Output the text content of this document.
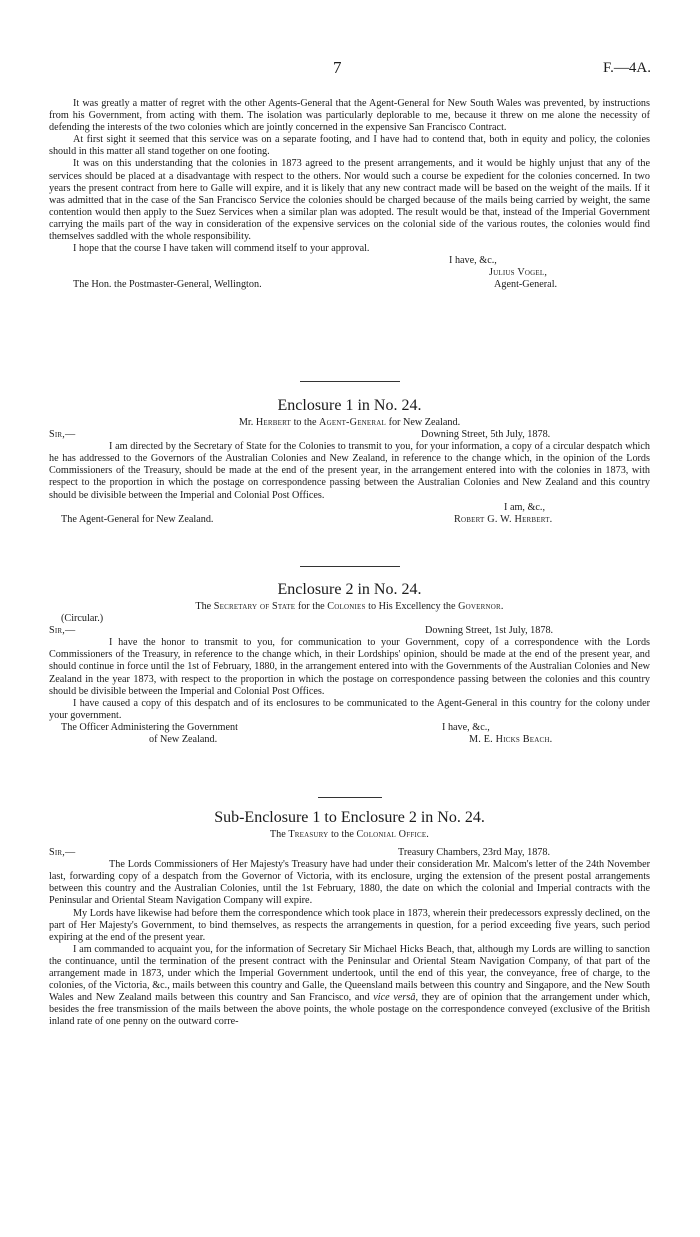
7	F.—4A.

It was greatly a matter of regret with the other Agents-General that the Agent-General for New South Wales was prevented, by instructions from his Government, from acting with them. The isolation was particularly deplorable to me, because it threw on me alone the necessity of defending the interests of the two colonies which are jointly concerned in the expensive San Francisco Contract.

At first sight it seemed that this service was on a separate footing, and I have had to contend that, both in equity and policy, the colonies should in this matter all stand together on one footing.

It was on this understanding that the colonies in 1873 agreed to the present arrangements, and it would be highly unjust that any of the services should be placed at a disadvantage with respect to the others. Nor would such a course be expedient for the colonies concerned. In two years the present contract from here to Galle will expire, and it is likely that any new contract made will be based on the weight of the mails. If it was admitted that in the case of the San Francisco Service the colonies should be charged because of the mails being carried by weight, the same contention would then apply to the Suez Services when a similar plan was adopted. The result would be that, instead of the Imperial Government carrying the mails part of the way in consideration of the expensive services on the colonial side of the various routes, the colonies would find themselves saddled with the whole responsibility.

I hope that the course I have taken will commend itself to your approval.

I have, &c.,
Julius Vogel,
The Hon. the Postmaster-General, Wellington.	Agent-General.
Enclosure 1 in No. 24.
Mr. Herbert to the Agent-General for New Zealand.
Sir,—	Downing Street, 5th July, 1878.

I am directed by the Secretary of State for the Colonies to transmit to you, for your information, a copy of a circular despatch which he has addressed to the Governors of the Australian Colonies and New Zealand, in reference to the change which, in the opinion of the Lords Commissioners of the Treasury, should be made at the end of the present year, in the arrangement entered into with the colonies in 1873, with respect to the proportion in which the postage on correspondence passing between the Australian Colonies and New Zealand and this country should be divisible between the Imperial and Colonial Post Offices.

I am, &c.,
The Agent-General for New Zealand.	Robert G. W. Herbert.
Enclosure 2 in No. 24.
The Secretary of State for the Colonies to His Excellency the Governor.
(Circular.)
Sir,—	Downing Street, 1st July, 1878.

I have the honor to transmit to you, for communication to your Government, copy of a correspondence with the Lords Commissioners of the Treasury, in reference to the change which, in their Lordships' opinion, should be made at the end of the present year, and should continue in force until the 1st of February, 1880, in the arrangement entered into with the Governments of the Australian Colonies and New Zealand in the year 1873, with respect to the proportion in which the postage on correspondence passing between the colonies and this country should be divisible between the Imperial and Colonial Post Offices.

I have caused a copy of this despatch and of its enclosures to be communicated to the Agent-General in this country for the colony under your government.

The Officer Administering the Government	I have, &c.,
of New Zealand.	M. E. Hicks Beach.
Sub-Enclosure 1 to Enclosure 2 in No. 24.
The Treasury to the Colonial Office.
Sir,—	Treasury Chambers, 23rd May, 1878.

The Lords Commissioners of Her Majesty's Treasury have had under their consideration Mr. Malcom's letter of the 24th November last, forwarding copy of a despatch from the Governor of Victoria, with its enclosure, urging the extension of the present postal arrangements between this country and the Australian Colonies, until the 1st February, 1880, the date on which the colonial and Imperial contracts with the Peninsular and Oriental Steam Navigation Company will expire.

My Lords have likewise had before them the correspondence which took place in 1873, wherein their predecessors expressly declined, on the part of Her Majesty's Government, to bind themselves, as respects the arrangements in question, for a period exceeding five years, such period expiring at the end of the present year.

I am commanded to acquaint you, for the information of Secretary Sir Michael Hicks Beach, that, although my Lords are willing to sanction the continuance, until the termination of the present contract with the Peninsular and Oriental Steam Navigation Company, of that part of the arrangement made in 1873, under which the Imperial Government undertook, until the end of this year, the conveyance, free of charge, to the colonies, of the Victoria, &c., mails between this country and Galle, the Queensland mails between this country and Singapore, and the New South Wales and New Zealand mails between this country and San Francisco, and vice versâ, they are of opinion that the arrangement under which, besides the free transmission of the mails between the above points, the whole postage on the correspondence conveyed (exclusive of the British inland rate of one penny on the outward corre-
